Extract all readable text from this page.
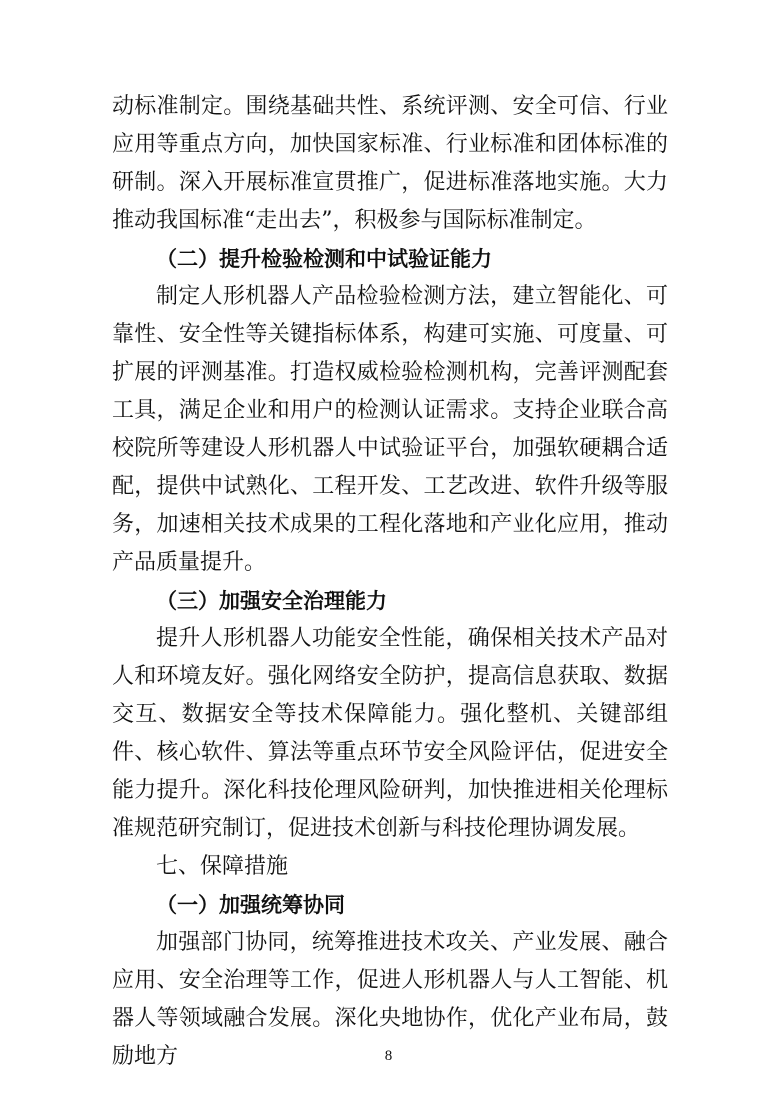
动标准制定。围绕基础共性、系统评测、安全可信、行业应用等重点方向，加快国家标准、行业标准和团体标准的研制。深入开展标准宣贯推广，促进标准落地实施。大力推动我国标准“走出去”，积极参与国际标准制定。

（二）提升检验检测和中试验证能力

制定人形机器人产品检验检测方法，建立智能化、可靠性、安全性等关键指标体系，构建可实施、可度量、可扩展的评测基准。打造权威检验检测机构，完善评测配套工具，满足企业和用户的检测认证需求。支持企业联合高校院所等建设人形机器人中试验证平台，加强软硬耦合适配，提供中试熟化、工程开发、工艺改进、软件升级等服务，加速相关技术成果的工程化落地和产业化应用，推动产品质量提升。

（三）加强安全治理能力

提升人形机器人功能安全性能，确保相关技术产品对人和环境友好。强化网络安全防护，提高信息获取、数据交互、数据安全等技术保障能力。强化整机、关键部组件、核心软件、算法等重点环节安全风险评估，促进安全能力提升。深化科技伦理风险研判，加快推进相关伦理标准规范研究制订，促进技术创新与科技伦理协调发展。

七、保障措施

（一）加强统筹协同

加强部门协同，统筹推进技术攻关、产业发展、融合应用、安全治理等工作，促进人形机器人与人工智能、机器人等领域融合发展。深化央地协作，优化产业布局，鼓励地方	8
